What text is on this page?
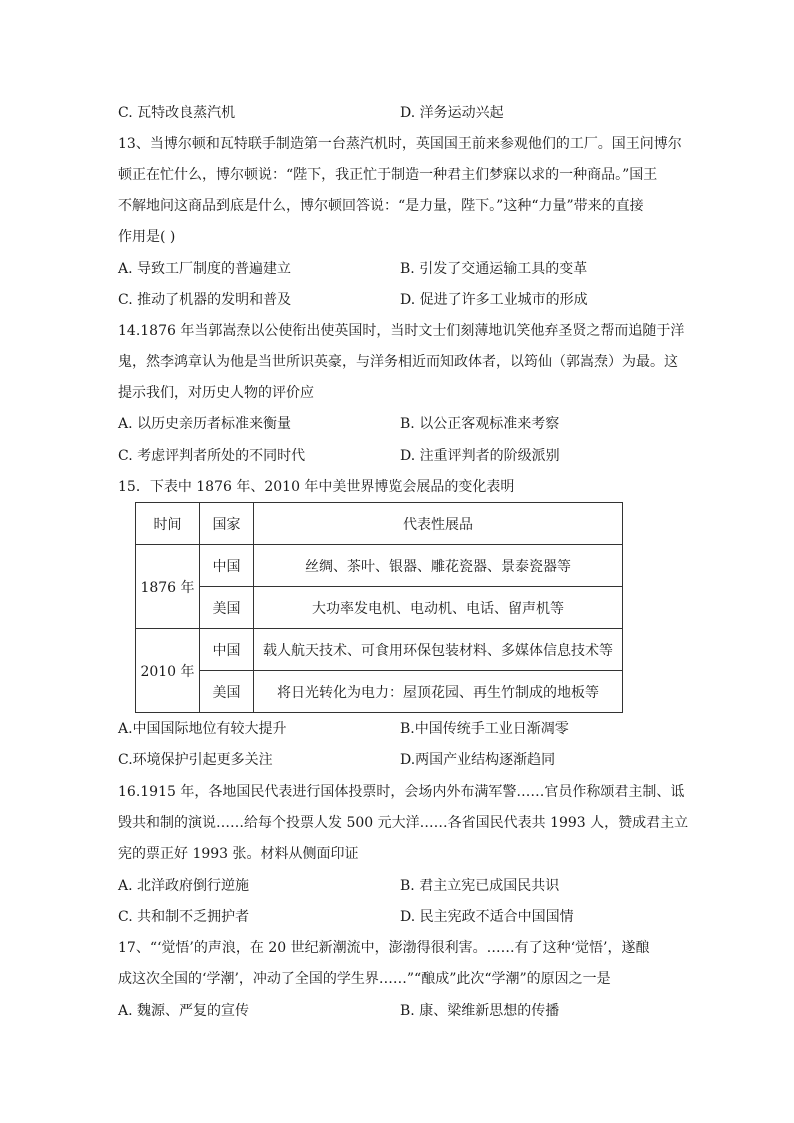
C. 瓦特改良蒸汽机	D. 洋务运动兴起
13、当博尔顿和瓦特联手制造第一台蒸汽机时，英国国王前来参观他们的工厂。国王问博尔
顿正在忙什么，博尔顿说：“陛下，我正忙于制造一种君主们梦寐以求的一种商品。”国王
不解地问这商品到底是什么，博尔顿回答说：“是力量，陛下。”这种“力量”带来的直接
作用是( )
A. 导致工厂制度的普遍建立	B. 引发了交通运输工具的变革
C. 推动了机器的发明和普及	D. 促进了许多工业城市的形成
14.1876 年当郭嵩焘以公使衔出使英国时，当时文士们刻薄地讥笑他弃圣贤之帮而追随于洋
鬼，然李鸿章认为他是当世所识英豪，与洋务相近而知政体者，以筠仙（郭嵩焘）为最。这
提示我们，对历史人物的评价应
A. 以历史亲历者标准来衡量	B. 以公正客观标准来考察
C. 考虑评判者所处的不同时代	D. 注重评判者的阶级派别
15．下表中 1876 年、2010 年中美世界博览会展品的变化表明
时间	国家	代表性展品
1876 年	中国	丝绸、茶叶、银器、雕花瓷器、景泰瓷器等
	美国	大功率发电机、电动机、电话、留声机等
2010 年	中国	载人航天技术、可食用环保包装材料、多媒体信息技术等
	美国	将日光转化为电力：屋顶花园、再生竹制成的地板等
A.中国国际地位有较大提升	B.中国传统手工业日渐凋零
C.环境保护引起更多关注	D.两国产业结构逐渐趋同
16.1915 年，各地国民代表进行国体投票时，会场内外布满军警……官员作称颂君主制、诋
毁共和制的演说……给每个投票人发 500 元大洋……各省国民代表共 1993 人，赞成君主立
宪的票正好 1993 张。材料从侧面印证
A. 北洋政府倒行逆施	B. 君主立宪已成国民共识
C. 共和制不乏拥护者	D. 民主宪政不适合中国国情
17、“‘觉悟’的声浪，在 20 世纪新潮流中，澎渤得很利害。……有了这种‘觉悟’，遂酿
成这次全国的‘学潮’，冲动了全国的学生界……”“酿成”此次“学潮”的原因之一是
A. 魏源、严复的宣传	B. 康、梁维新思想的传播
